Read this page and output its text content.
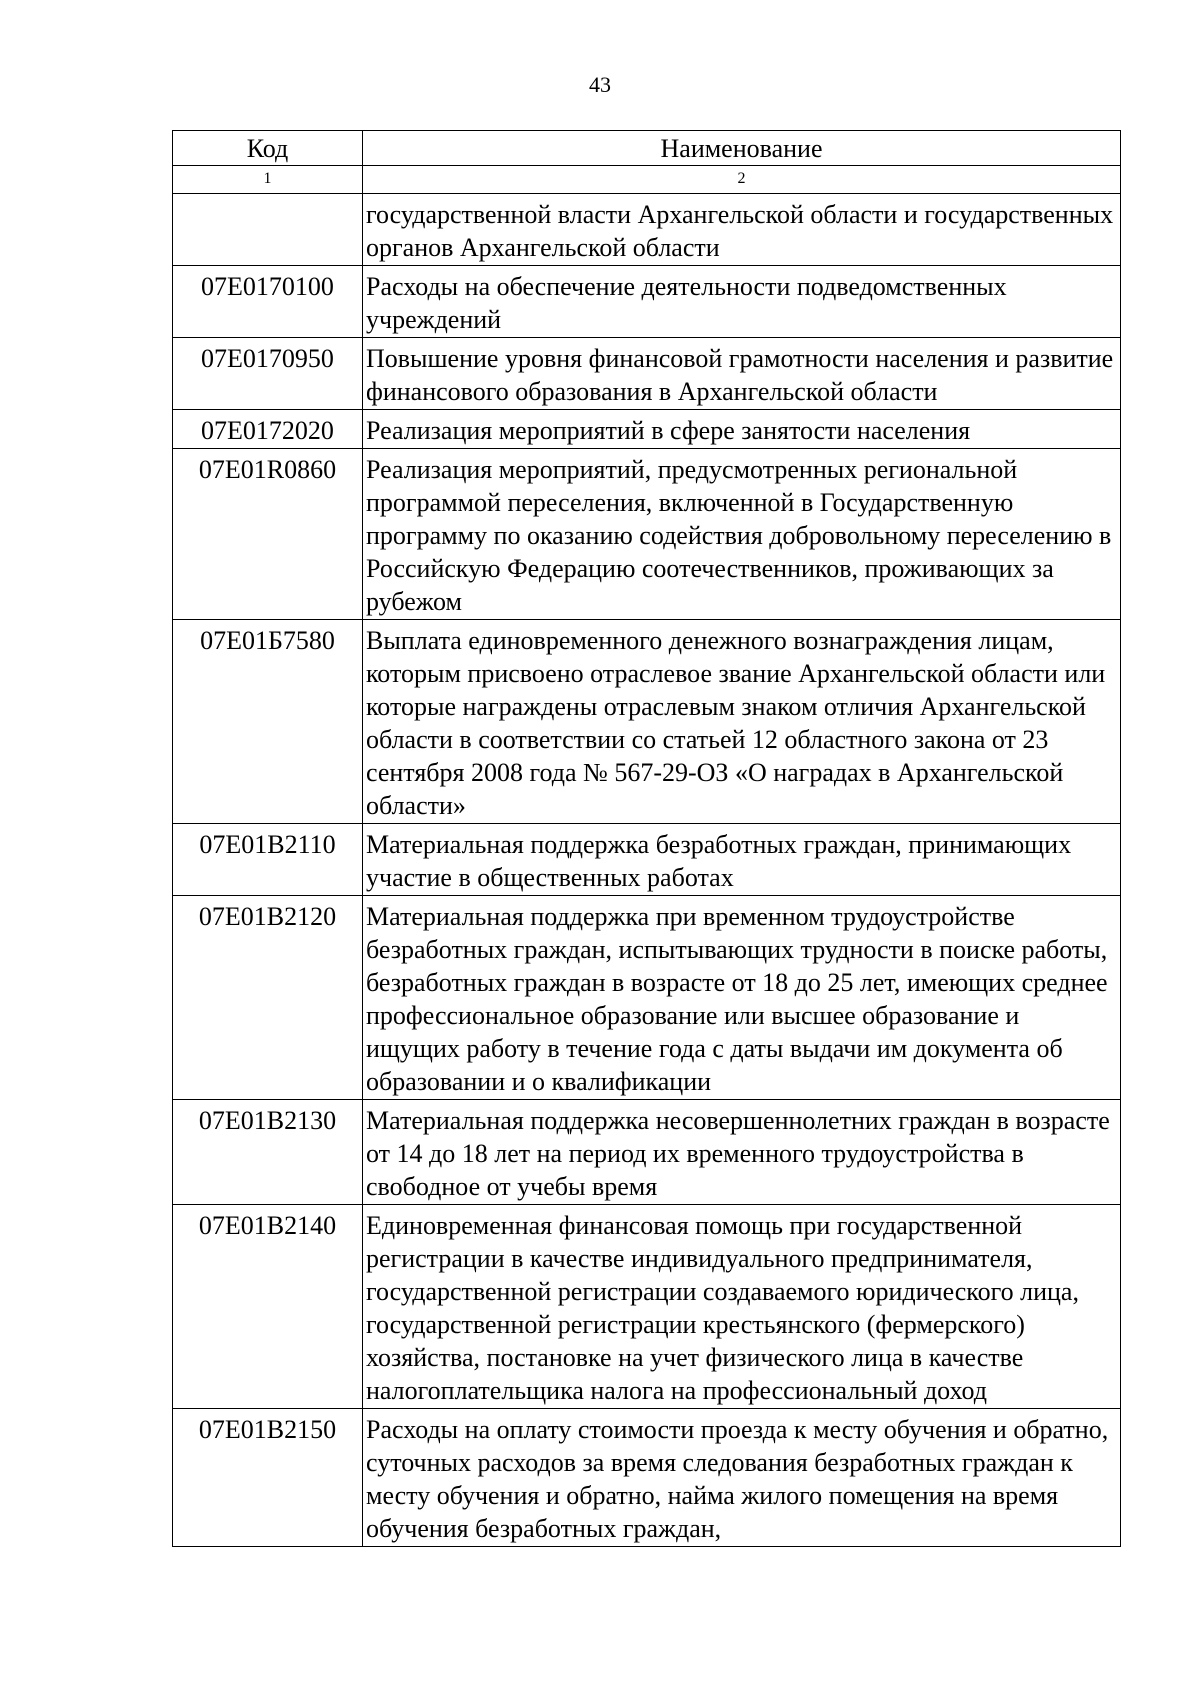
43
Код	Наименование
1	2
	государственной власти Архангельской области и государственных органов Архангельской области
07Е0170100	Расходы на обеспечение деятельности подведомственных учреждений
07Е0170950	Повышение уровня финансовой грамотности населения и развитие финансового образования в Архангельской области
07Е0172020	Реализация мероприятий в сфере занятости населения
07Е01R0860	Реализация мероприятий, предусмотренных региональной программой переселения, включенной в Государственную программу по оказанию содействия добровольному переселению в Российскую Федерацию соотечественников, проживающих за рубежом
07Е01Б7580	Выплата единовременного денежного вознаграждения лицам, которым присвоено отраслевое звание Архангельской области или которые награждены отраслевым знаком отличия Архангельской области в соответствии со статьей 12 областного закона от 23 сентября 2008 года № 567-29-ОЗ «О наградах в Архангельской области»
07Е01В2110	Материальная поддержка безработных граждан, принимающих участие в общественных работах
07Е01В2120	Материальная поддержка при временном трудоустройстве безработных граждан, испытывающих трудности в поиске работы, безработных граждан в возрасте от 18 до 25 лет, имеющих среднее профессиональное образование или высшее образование и ищущих работу в течение года с даты выдачи им документа об образовании и о квалификации
07Е01В2130	Материальная поддержка несовершеннолетних граждан в возрасте от 14 до 18 лет на период их временного трудоустройства в свободное от учебы время
07Е01В2140	Единовременная финансовая помощь при государственной регистрации в качестве индивидуального предпринимателя, государственной регистрации создаваемого юридического лица, государственной регистрации крестьянского (фермерского) хозяйства, постановке на учет физического лица в качестве налогоплательщика налога на профессиональный доход
07Е01В2150	Расходы на оплату стоимости проезда к месту обучения и обратно, суточных расходов за время следования безработных граждан к месту обучения и обратно, найма жилого помещения на время обучения безработных граждан,
